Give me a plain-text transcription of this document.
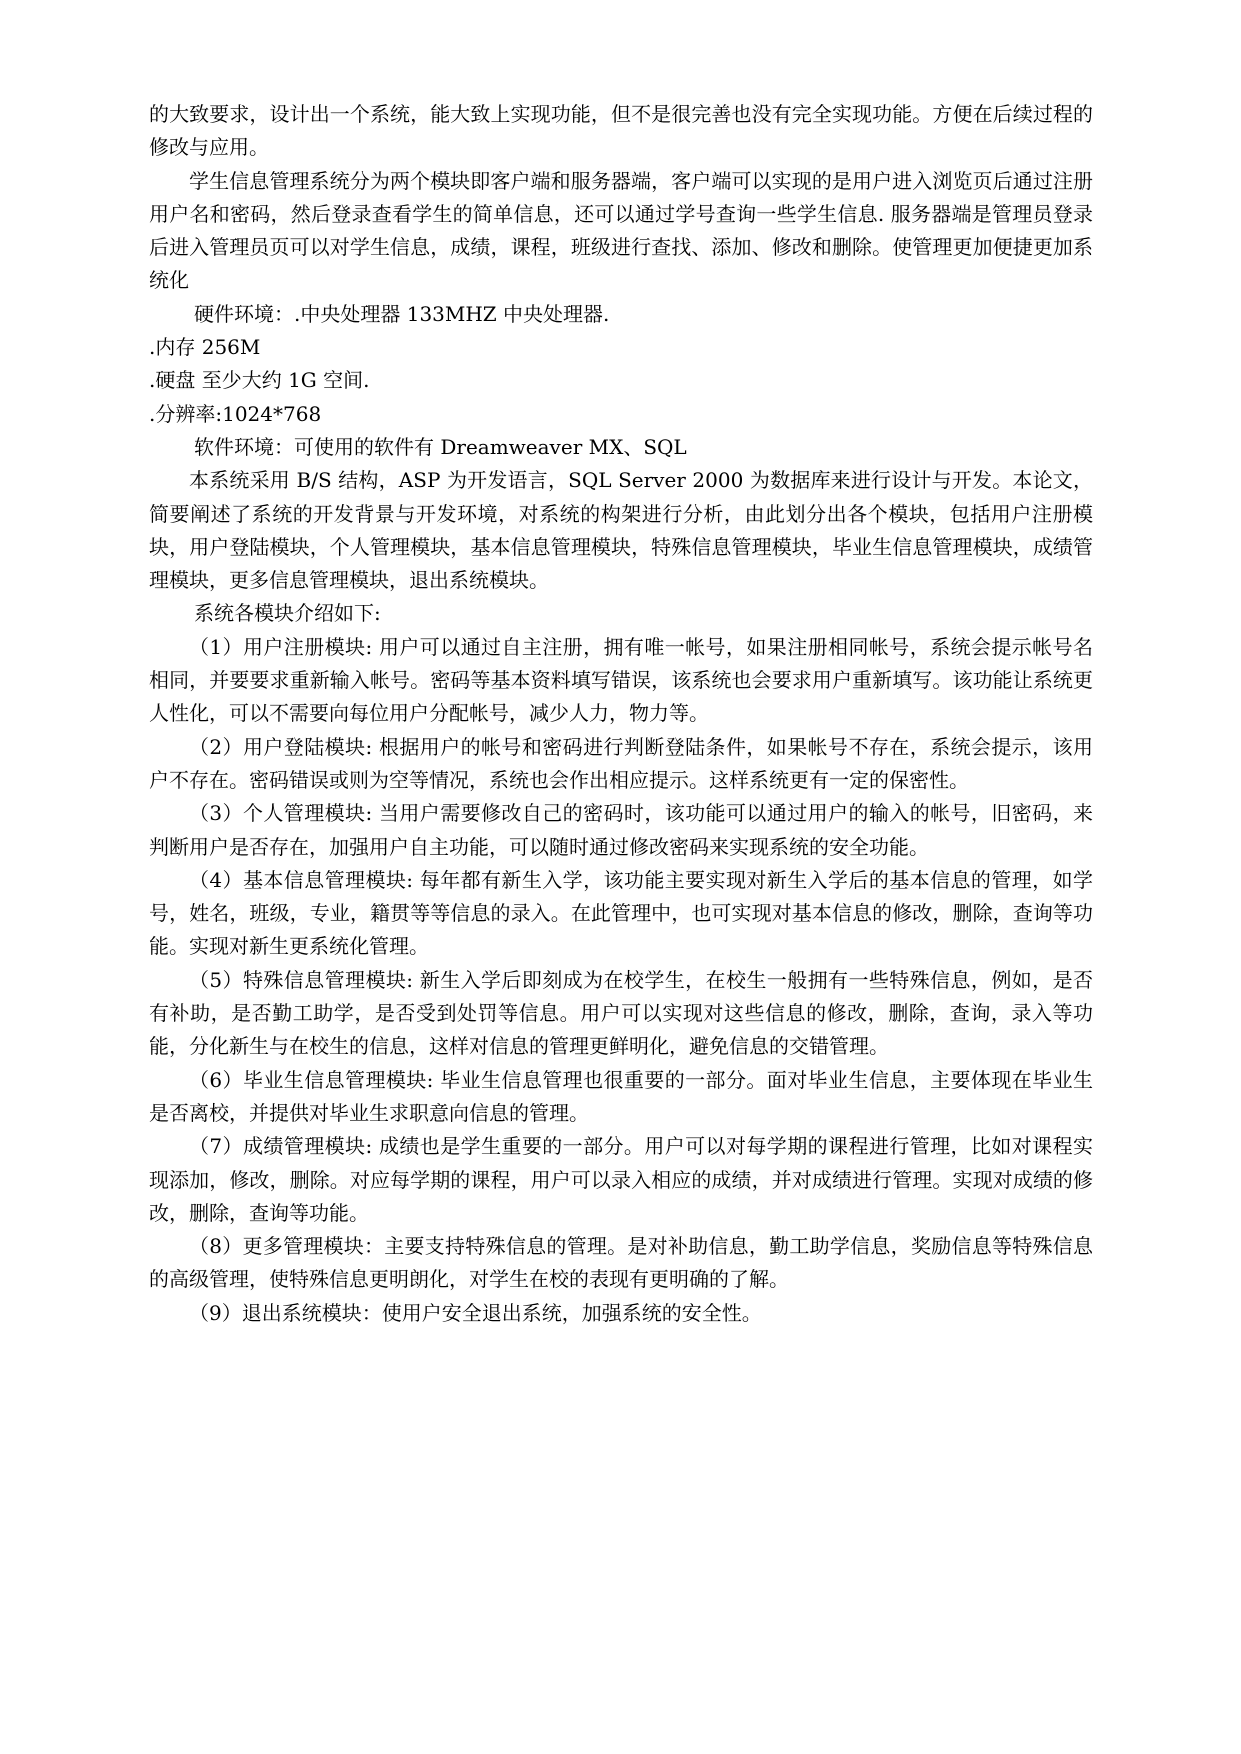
的大致要求，设计出一个系统，能大致上实现功能，但不是很完善也没有完全实现功能。方便在后续过程的修改与应用。

学生信息管理系统分为两个模块即客户端和服务器端，客户端可以实现的是用户进入浏览页后通过注册用户名和密码，然后登录查看学生的简单信息，还可以通过学号查询一些学生信息. 服务器端是管理员登录后进入管理员页可以对学生信息，成绩，课程，班级进行查找、添加、修改和删除。使管理更加便捷更加系统化

硬件环境：.中央处理器 133MHZ 中央处理器.

.内存 256M

.硬盘 至少大约 1G 空间.

.分辨率:1024*768

软件环境：可使用的软件有 Dreamweaver MX、SQL

本系统采用 B/S 结构，ASP 为开发语言，SQL Server 2000 为数据库来进行设计与开发。本论文，简要阐述了系统的开发背景与开发环境，对系统的构架进行分析，由此划分出各个模块，包括用户注册模块，用户登陆模块，个人管理模块，基本信息管理模块，特殊信息管理模块，毕业生信息管理模块，成绩管理模块，更多信息管理模块，退出系统模块。

系统各模块介绍如下:

（1）用户注册模块: 用户可以通过自主注册，拥有唯一帐号，如果注册相同帐号，系统会提示帐号名相同，并要要求重新输入帐号。密码等基本资料填写错误，该系统也会要求用户重新填写。该功能让系统更人性化，可以不需要向每位用户分配帐号，减少人力，物力等。

（2）用户登陆模块: 根据用户的帐号和密码进行判断登陆条件，如果帐号不存在，系统会提示，该用户不存在。密码错误或则为空等情况，系统也会作出相应提示。这样系统更有一定的保密性。

（3）个人管理模块: 当用户需要修改自己的密码时，该功能可以通过用户的输入的帐号，旧密码，来判断用户是否存在，加强用户自主功能，可以随时通过修改密码来实现系统的安全功能。

（4）基本信息管理模块: 每年都有新生入学，该功能主要实现对新生入学后的基本信息的管理，如学号，姓名，班级，专业，籍贯等等信息的录入。在此管理中，也可实现对基本信息的修改，删除，查询等功能。实现对新生更系统化管理。

（5）特殊信息管理模块: 新生入学后即刻成为在校学生，在校生一般拥有一些特殊信息，例如，是否有补助，是否勤工助学，是否受到处罚等信息。用户可以实现对这些信息的修改，删除，查询，录入等功能，分化新生与在校生的信息，这样对信息的管理更鲜明化，避免信息的交错管理。

（6）毕业生信息管理模块: 毕业生信息管理也很重要的一部分。面对毕业生信息，主要体现在毕业生是否离校，并提供对毕业生求职意向信息的管理。

（7）成绩管理模块: 成绩也是学生重要的一部分。用户可以对每学期的课程进行管理，比如对课程实现添加，修改，删除。对应每学期的课程，用户可以录入相应的成绩，并对成绩进行管理。实现对成绩的修改，删除，查询等功能。

（8）更多管理模块：主要支持特殊信息的管理。是对补助信息，勤工助学信息，奖励信息等特殊信息的高级管理，使特殊信息更明朗化，对学生在校的表现有更明确的了解。

（9）退出系统模块：使用户安全退出系统，加强系统的安全性。
